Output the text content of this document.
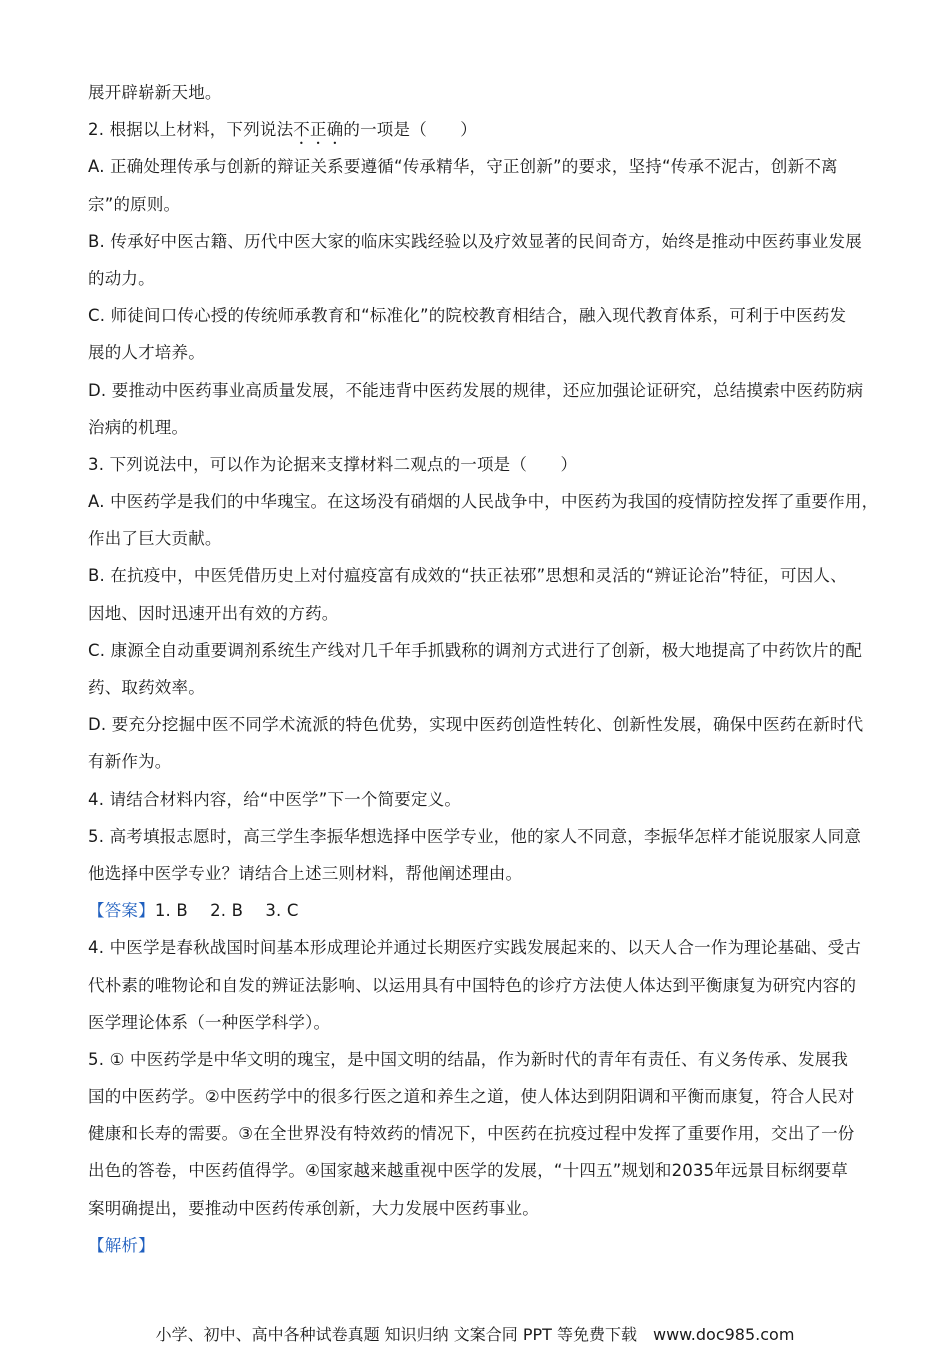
展开辟崭新天地。
2. 根据以上材料，下列说法不正确的一项是（　　）
A. 正确处理传承与创新的辩证关系要遵循“传承精华，守正创新”的要求，坚持“传承不泥古，创新不离
宗”的原则。
B. 传承好中医古籍、历代中医大家的临床实践经验以及疗效显著的民间奇方，始终是推动中医药事业发展
的动力。
C. 师徒间口传心授的传统师承教育和“标准化”的院校教育相结合，融入现代教育体系，可利于中医药发
展的人才培养。
D. 要推动中医药事业高质量发展，不能违背中医药发展的规律，还应加强论证研究，总结摸索中医药防病
治病的机理。
3. 下列说法中，可以作为论据来支撑材料二观点的一项是（　　）
A. 中医药学是我们的中华瑰宝。在这场没有硝烟的人民战争中，中医药为我国的疫情防控发挥了重要作用，
作出了巨大贡献。
B. 在抗疫中，中医凭借历史上对付瘟疫富有成效的“扶正祛邪”思想和灵活的“辨证论治”特征，可因人、
因地、因时迅速开出有效的方药。
C. 康源全自动重要调剂系统生产线对几千年手抓戥称的调剂方式进行了创新，极大地提高了中药饮片的配
药、取药效率。
D. 要充分挖掘中医不同学术流派的特色优势，实现中医药创造性转化、创新性发展，确保中医药在新时代
有新作为。
4. 请结合材料内容，给“中医学”下一个简要定义。
5. 高考填报志愿时，高三学生李振华想选择中医学专业，他的家人不同意，李振华怎样才能说服家人同意
他选择中医学专业？请结合上述三则材料，帮他阐述理由。
【答案】1. B　 2. B　 3. C
4. 中医学是春秋战国时间基本形成理论并通过长期医疗实践发展起来的、以天人合一作为理论基础、受古
代朴素的唯物论和自发的辨证法影响、以运用具有中国特色的诊疗方法使人体达到平衡康复为研究内容的
医学理论体系（一种医学科学）。
5. ① 中医药学是中华文明的瑰宝，是中国文明的结晶，作为新时代的青年有责任、有义务传承、发展我
国的中医药学。②中医药学中的很多行医之道和养生之道，使人体达到阴阳调和平衡而康复，符合人民对
健康和长寿的需要。③在全世界没有特效药的情况下，中医药在抗疫过程中发挥了重要作用，交出了一份
出色的答卷，中医药值得学。④国家越来越重视中医学的发展，“十四五”规划和2035年远景目标纲要草
案明确提出，要推动中医药传承创新，大力发展中医药事业。
【解析】
小学、初中、高中各种试卷真题 知识归纳 文案合同 PPT 等免费下载　www.doc985.com
